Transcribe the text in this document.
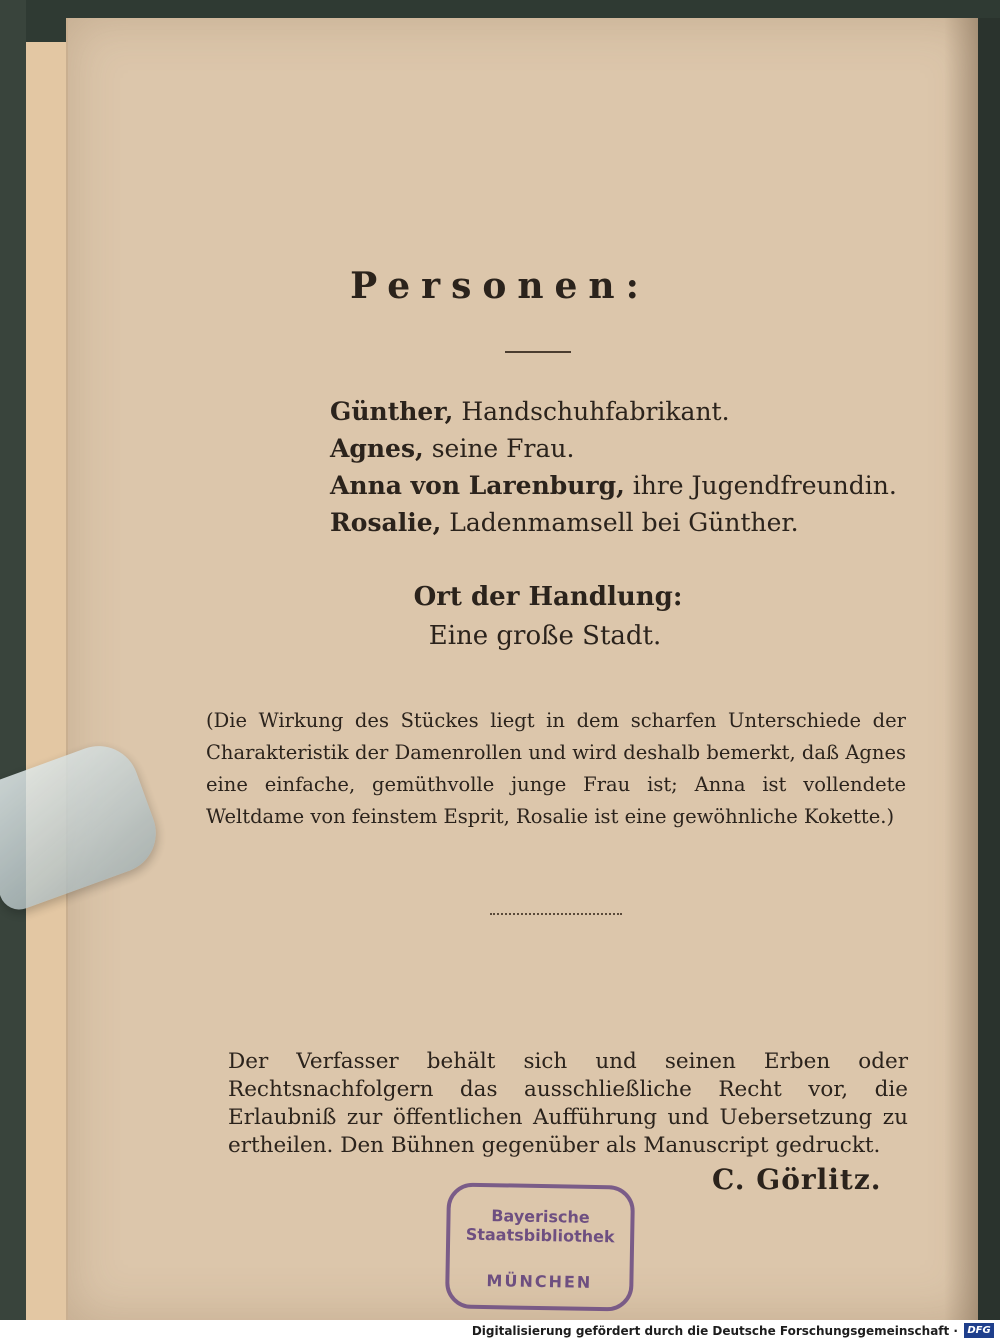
Personen:
Günther, Handschuhfabrikant.
Agnes, seine Frau.
Anna von Larenburg, ihre Jugendfreundin.
Rosalie, Ladenmamsell bei Günther.
Ort der Handlung:
Eine große Stadt.
(Die Wirkung des Stückes liegt in dem scharfen Unterschiede der Charakteristik der Damenrollen und wird deshalb bemerkt, daß Agnes eine einfache, gemüthvolle junge Frau ist; Anna ist vollendete Weltdame von feinstem Esprit, Rosalie ist eine gewöhnliche Kokette.)
Der Verfasser behält sich und seinen Erben oder Rechtsnachfolgern das ausschließliche Recht vor, die Erlaubniß zur öffentlichen Aufführung und Uebersetzung zu ertheilen. Den Bühnen gegenüber als Manuscript gedruckt.
C. Görlitz.
Bayerische
Staatsbibliothek
MÜNCHEN
Digitalisierung gefördert durch die Deutsche Forschungsgemeinschaft · DFG
